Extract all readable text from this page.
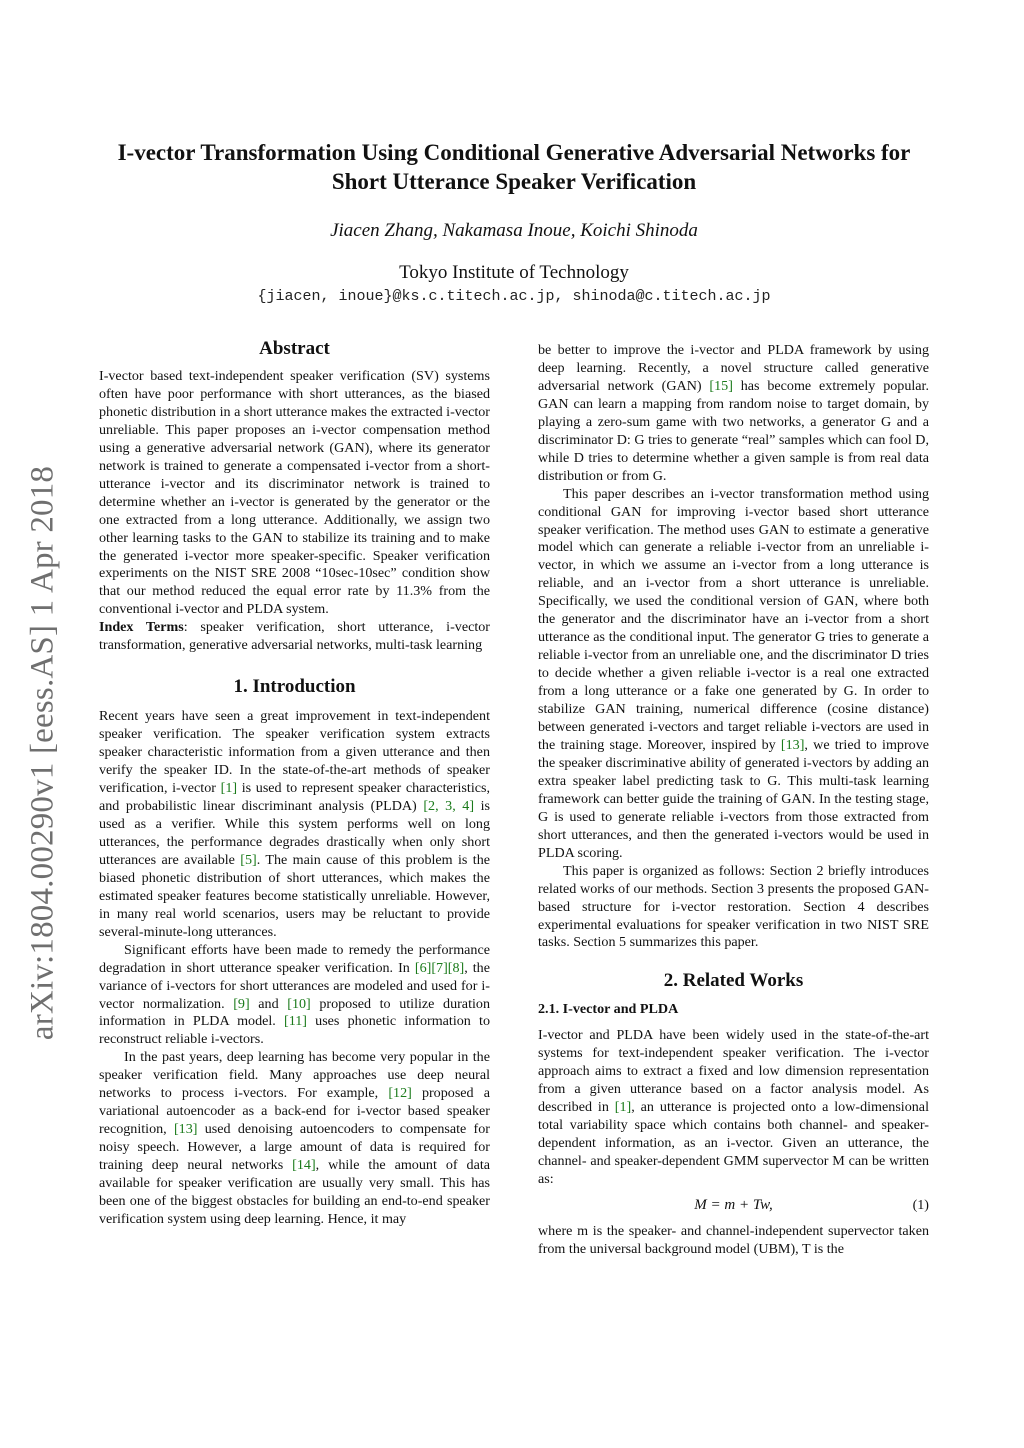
arXiv:1804.00290v1 [eess.AS] 1 Apr 2018
I-vector Transformation Using Conditional Generative Adversarial Networks for Short Utterance Speaker Verification
Jiacen Zhang, Nakamasa Inoue, Koichi Shinoda
Tokyo Institute of Technology
{jiacen, inoue}@ks.c.titech.ac.jp, shinoda@c.titech.ac.jp
Abstract

I-vector based text-independent speaker verification (SV) systems often have poor performance with short utterances, as the biased phonetic distribution in a short utterance makes the extracted i-vector unreliable. This paper proposes an i-vector compensation method using a generative adversarial network (GAN), where its generator network is trained to generate a compensated i-vector from a short-utterance i-vector and its discriminator network is trained to determine whether an i-vector is generated by the generator or the one extracted from a long utterance. Additionally, we assign two other learning tasks to the GAN to stabilize its training and to make the generated i-vector more speaker-specific. Speaker verification experiments on the NIST SRE 2008 “10sec-10sec” condition show that our method reduced the equal error rate by 11.3% from the conventional i-vector and PLDA system.

Index Terms: speaker verification, short utterance, i-vector transformation, generative adversarial networks, multi-task learning

1. Introduction

Recent years have seen a great improvement in text-independent speaker verification. The speaker verification system extracts speaker characteristic information from a given utterance and then verify the speaker ID. In the state-of-the-art methods of speaker verification, i-vector [1] is used to represent speaker characteristics, and probabilistic linear discriminant analysis (PLDA) [2, 3, 4] is used as a verifier. While this system performs well on long utterances, the performance degrades drastically when only short utterances are available [5]. The main cause of this problem is the biased phonetic distribution of short utterances, which makes the estimated speaker features become statistically unreliable. However, in many real world scenarios, users may be reluctant to provide several-minute-long utterances.

Significant efforts have been made to remedy the performance degradation in short utterance speaker verification. In [6][7][8], the variance of i-vectors for short utterances are modeled and used for i-vector normalization. [9] and [10] proposed to utilize duration information in PLDA model. [11] uses phonetic information to reconstruct reliable i-vectors.

In the past years, deep learning has become very popular in the speaker verification field. Many approaches use deep neural networks to process i-vectors. For example, [12] proposed a variational autoencoder as a back-end for i-vector based speaker recognition, [13] used denoising autoencoders to compensate for noisy speech. However, a large amount of data is required for training deep neural networks [14], while the amount of data available for speaker verification are usually very small. This has been one of the biggest obstacles for building an end-to-end speaker verification system using deep learning. Hence, it may

be better to improve the i-vector and PLDA framework by using deep learning. Recently, a novel structure called generative adversarial network (GAN) [15] has become extremely popular. GAN can learn a mapping from random noise to target domain, by playing a zero-sum game with two networks, a generator G and a discriminator D: G tries to generate “real” samples which can fool D, while D tries to determine whether a given sample is from real data distribution or from G.

This paper describes an i-vector transformation method using conditional GAN for improving i-vector based short utterance speaker verification. The method uses GAN to estimate a generative model which can generate a reliable i-vector from an unreliable i-vector, in which we assume an i-vector from a long utterance is reliable, and an i-vector from a short utterance is unreliable. Specifically, we used the conditional version of GAN, where both the generator and the discriminator have an i-vector from a short utterance as the conditional input. The generator G tries to generate a reliable i-vector from an unreliable one, and the discriminator D tries to decide whether a given reliable i-vector is a real one extracted from a long utterance or a fake one generated by G. In order to stabilize GAN training, numerical difference (cosine distance) between generated i-vectors and target reliable i-vectors are used in the training stage. Moreover, inspired by [13], we tried to improve the speaker discriminative ability of generated i-vectors by adding an extra speaker label predicting task to G. This multi-task learning framework can better guide the training of GAN. In the testing stage, G is used to generate reliable i-vectors from those extracted from short utterances, and then the generated i-vectors would be used in PLDA scoring.

This paper is organized as follows: Section 2 briefly introduces related works of our methods. Section 3 presents the proposed GAN-based structure for i-vector restoration. Section 4 describes experimental evaluations for speaker verification in two NIST SRE tasks. Section 5 summarizes this paper.

2. Related Works
2.1. I-vector and PLDA

I-vector and PLDA have been widely used in the state-of-the-art systems for text-independent speaker verification. The i-vector approach aims to extract a fixed and low dimension representation from a given utterance based on a factor analysis model. As described in [1], an utterance is projected onto a low-dimensional total variability space which contains both channel- and speaker-dependent information, as an i-vector. Given an utterance, the channel- and speaker-dependent GMM supervector M can be written as:

M = m + Tw,	(1)

where m is the speaker- and channel-independent supervector taken from the universal background model (UBM), T is the
